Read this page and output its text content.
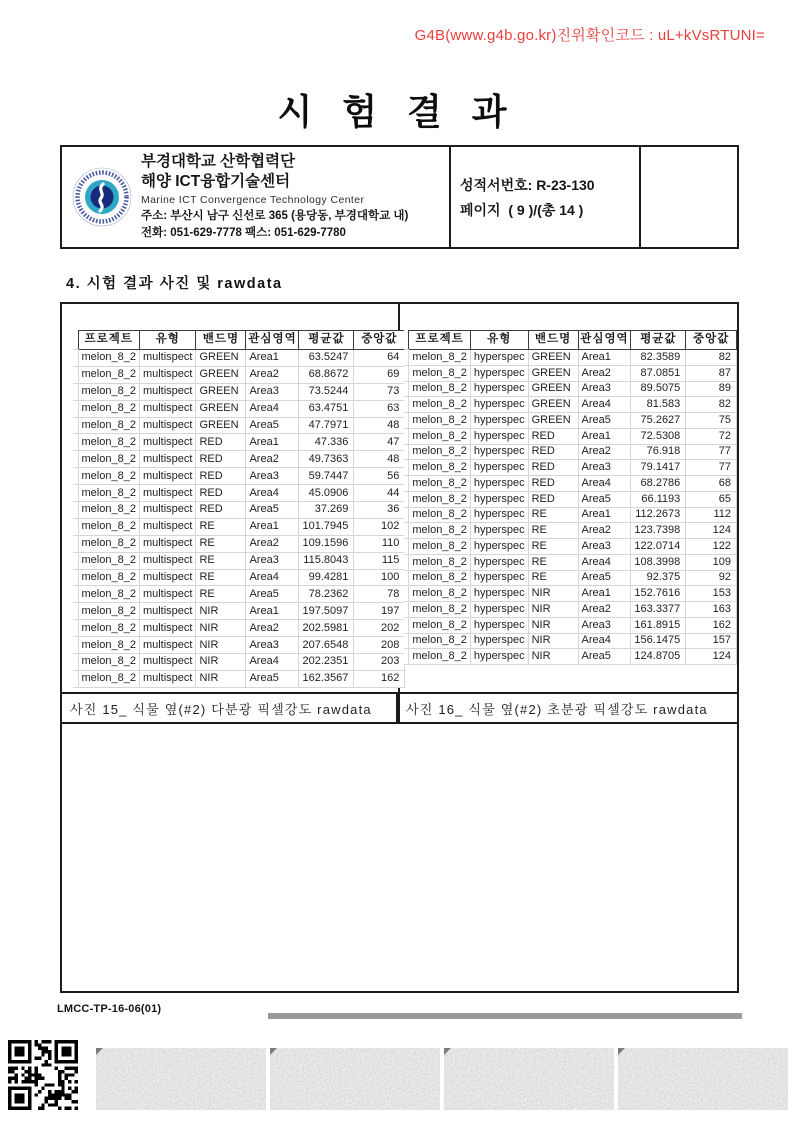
G4B(www.g4b.go.kr)진위확인코드 : uL+kVsRTUNI=
시 험 결 과
부경대학교 산학협력단
해양 ICT융합기술센터
Marine ICT Convergence Technology Center
주소: 부산시 남구 신선로 365 (용당동, 부경대학교 내)
전화: 051-629-7778 팩스: 051-629-7780
성적서번호: R-23-130
페이지 ( 9 )/(총 14 )
4. 시험 결과 사진 및 rawdata
	프로젝트	유형	밴드명	관심영역	평균값	중앙값
	melon_8_2	multispect	GREEN	Area1	63.5247	64
	melon_8_2	multispect	GREEN	Area2	68.8672	69
	melon_8_2	multispect	GREEN	Area3	73.5244	73
	melon_8_2	multispect	GREEN	Area4	63.4751	63
	melon_8_2	multispect	GREEN	Area5	47.7971	48
	melon_8_2	multispect	RED	Area1	47.336	47
	melon_8_2	multispect	RED	Area2	49.7363	48
	melon_8_2	multispect	RED	Area3	59.7447	56
	melon_8_2	multispect	RED	Area4	45.0906	44
	melon_8_2	multispect	RED	Area5	37.269	36
	melon_8_2	multispect	RE	Area1	101.7945	102
	melon_8_2	multispect	RE	Area2	109.1596	110
	melon_8_2	multispect	RE	Area3	115.8043	115
	melon_8_2	multispect	RE	Area4	99.4281	100
	melon_8_2	multispect	RE	Area5	78.2362	78
	melon_8_2	multispect	NIR	Area1	197.5097	197
	melon_8_2	multispect	NIR	Area2	202.5981	202
	melon_8_2	multispect	NIR	Area3	207.6548	208
	melon_8_2	multispect	NIR	Area4	202.2351	203
	melon_8_2	multispect	NIR	Area5	162.3567	162
	프로젝트	유형	밴드명	관심영역	평균값	중앙값
	melon_8_2	hyperspec	GREEN	Area1	82.3589	82
	melon_8_2	hyperspec	GREEN	Area2	87.0851	87
	melon_8_2	hyperspec	GREEN	Area3	89.5075	89
	melon_8_2	hyperspec	GREEN	Area4	81.583	82
	melon_8_2	hyperspec	GREEN	Area5	75.2627	75
	melon_8_2	hyperspec	RED	Area1	72.5308	72
	melon_8_2	hyperspec	RED	Area2	76.918	77
	melon_8_2	hyperspec	RED	Area3	79.1417	77
	melon_8_2	hyperspec	RED	Area4	68.2786	68
	melon_8_2	hyperspec	RED	Area5	66.1193	65
	melon_8_2	hyperspec	RE	Area1	112.2673	112
	melon_8_2	hyperspec	RE	Area2	123.7398	124
	melon_8_2	hyperspec	RE	Area3	122.0714	122
	melon_8_2	hyperspec	RE	Area4	108.3998	109
	melon_8_2	hyperspec	RE	Area5	92.375	92
	melon_8_2	hyperspec	NIR	Area1	152.7616	153
	melon_8_2	hyperspec	NIR	Area2	163.3377	163
	melon_8_2	hyperspec	NIR	Area3	161.8915	162
	melon_8_2	hyperspec	NIR	Area4	156.1475	157
	melon_8_2	hyperspec	NIR	Area5	124.8705	124
사진 15_ 식물 옆(#2) 다분광 픽셀강도 rawdata	사진 16_ 식물 옆(#2) 초분광 픽셀강도 rawdata
LMCC-TP-16-06(01)
